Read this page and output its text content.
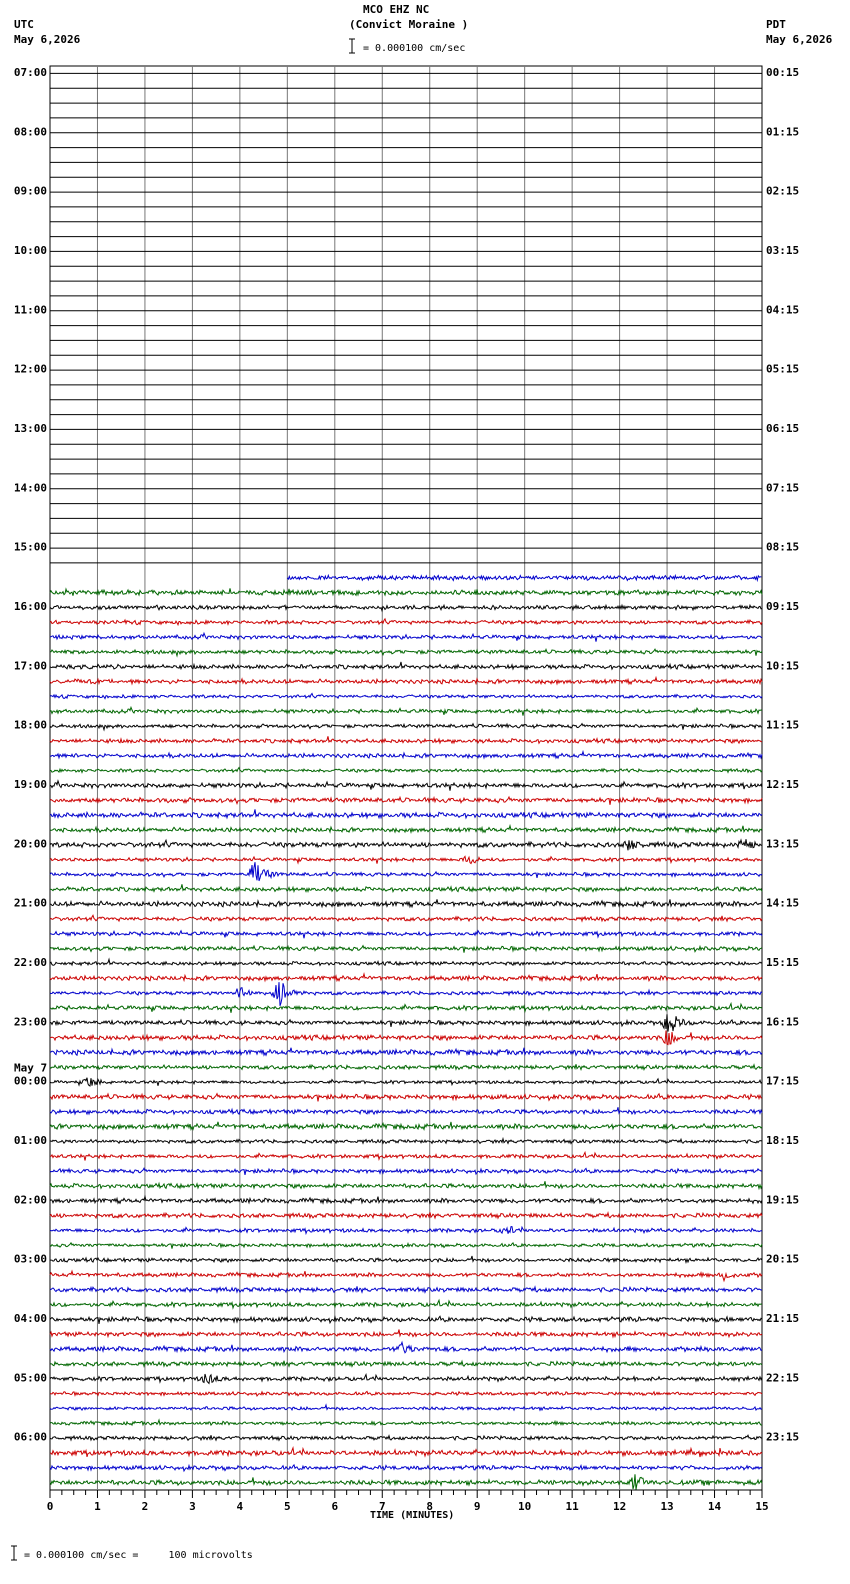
MCO EHZ NC
(Convict Moraine )
UTC
May 6,2026
PDT
May 6,2026
= 0.000100 cm/sec
0	1	2	3	4	5	6	7	8	9	10	11	12	13	14	15
07:00
08:00
09:00
10:00
11:00
12:00
13:00
14:00
15:00
16:00
17:00
18:00
19:00
20:00
21:00
22:00
23:00
00:00
May 7
01:00
02:00
03:00
04:00
05:00
06:00
00:15
01:15
02:15
03:15
04:15
05:15
06:15
07:15
08:15
09:15
10:15
11:15
12:15
13:15
14:15
15:15
16:15
17:15
18:15
19:15
20:15
21:15
22:15
23:15
TIME (MINUTES)
= 0.000100 cm/sec =     100 microvolts
